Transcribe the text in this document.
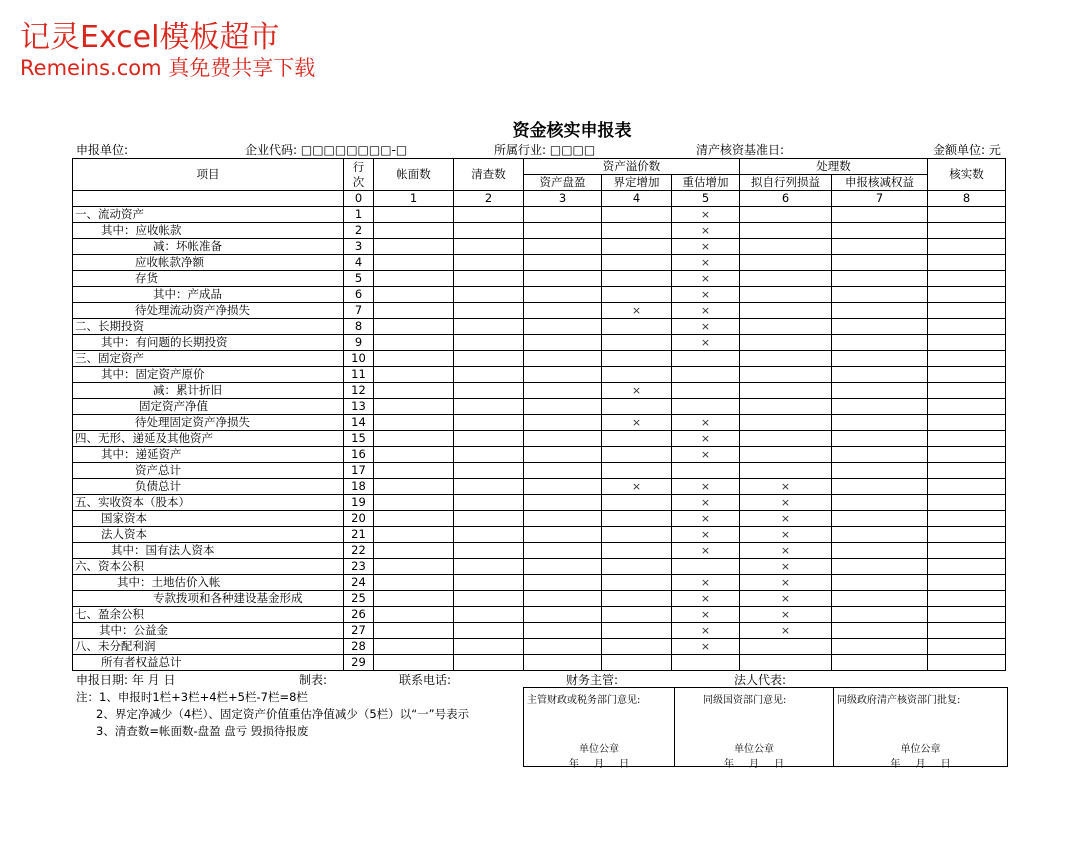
记灵Excel模板超市
Remeins.com 真免费共享下载
资金核实申报表
申报单位:	企业代码: □□□□□□□□-□	所属行业: □□□□	清产核资基准日:	金额单位: 元
项目	行次	帐面数	清查数	资产溢价数			处理数		核实数
				资产盘盈	界定增加	重估增加	拟自行列损益	申报核减权益	
	0	1	2	3	4	5	6	7	8
一、流动资产	1					×			
其中：应收帐款	2					×			
减：坏帐准备	3					×			
应收帐款净额	4					×			
存货	5					×			
其中：产成品	6					×			
待处理流动资产净损失	7				×	×			
二、长期投资	8					×			
其中：有问题的长期投资	9					×			
三、固定资产	10								
其中：固定资产原价	11								
减：累计折旧	12				×				
固定资产净值	13								
待处理固定资产净损失	14				×	×			
四、无形、递延及其他资产	15					×			
其中：递延资产	16					×			
资产总计	17								
负债总计	18				×	×	×		
五、实收资本（股本）	19					×	×		
国家资本	20					×	×		
法人资本	21					×	×		
其中：国有法人资本	22					×	×		
六、资本公积	23						×		
其中：土地估价入帐	24					×	×		
专款拨项和各种建设基金形成	25					×	×		
七、盈余公积	26					×	×		
其中：公益金	27					×	×		
八、未分配利润	28					×			
所有者权益总计	29								
申报日期: 年 月 日	制表:	联系电话:	财务主管:	法人代表:
注：1、申报时1栏+3栏+4栏+5栏-7栏=8栏
2、界定净减少（4栏）、固定资产价值重估净值减少（5栏）以“一”号表示
3、清查数=帐面数-盘盈 盘亏 毁损待报废
主管财政或税务部门意见:
单位公章
年 月 日
同级国资部门意见:
单位公章
年 月 日
同级政府清产核资部门批复:
单位公章
年 月 日
